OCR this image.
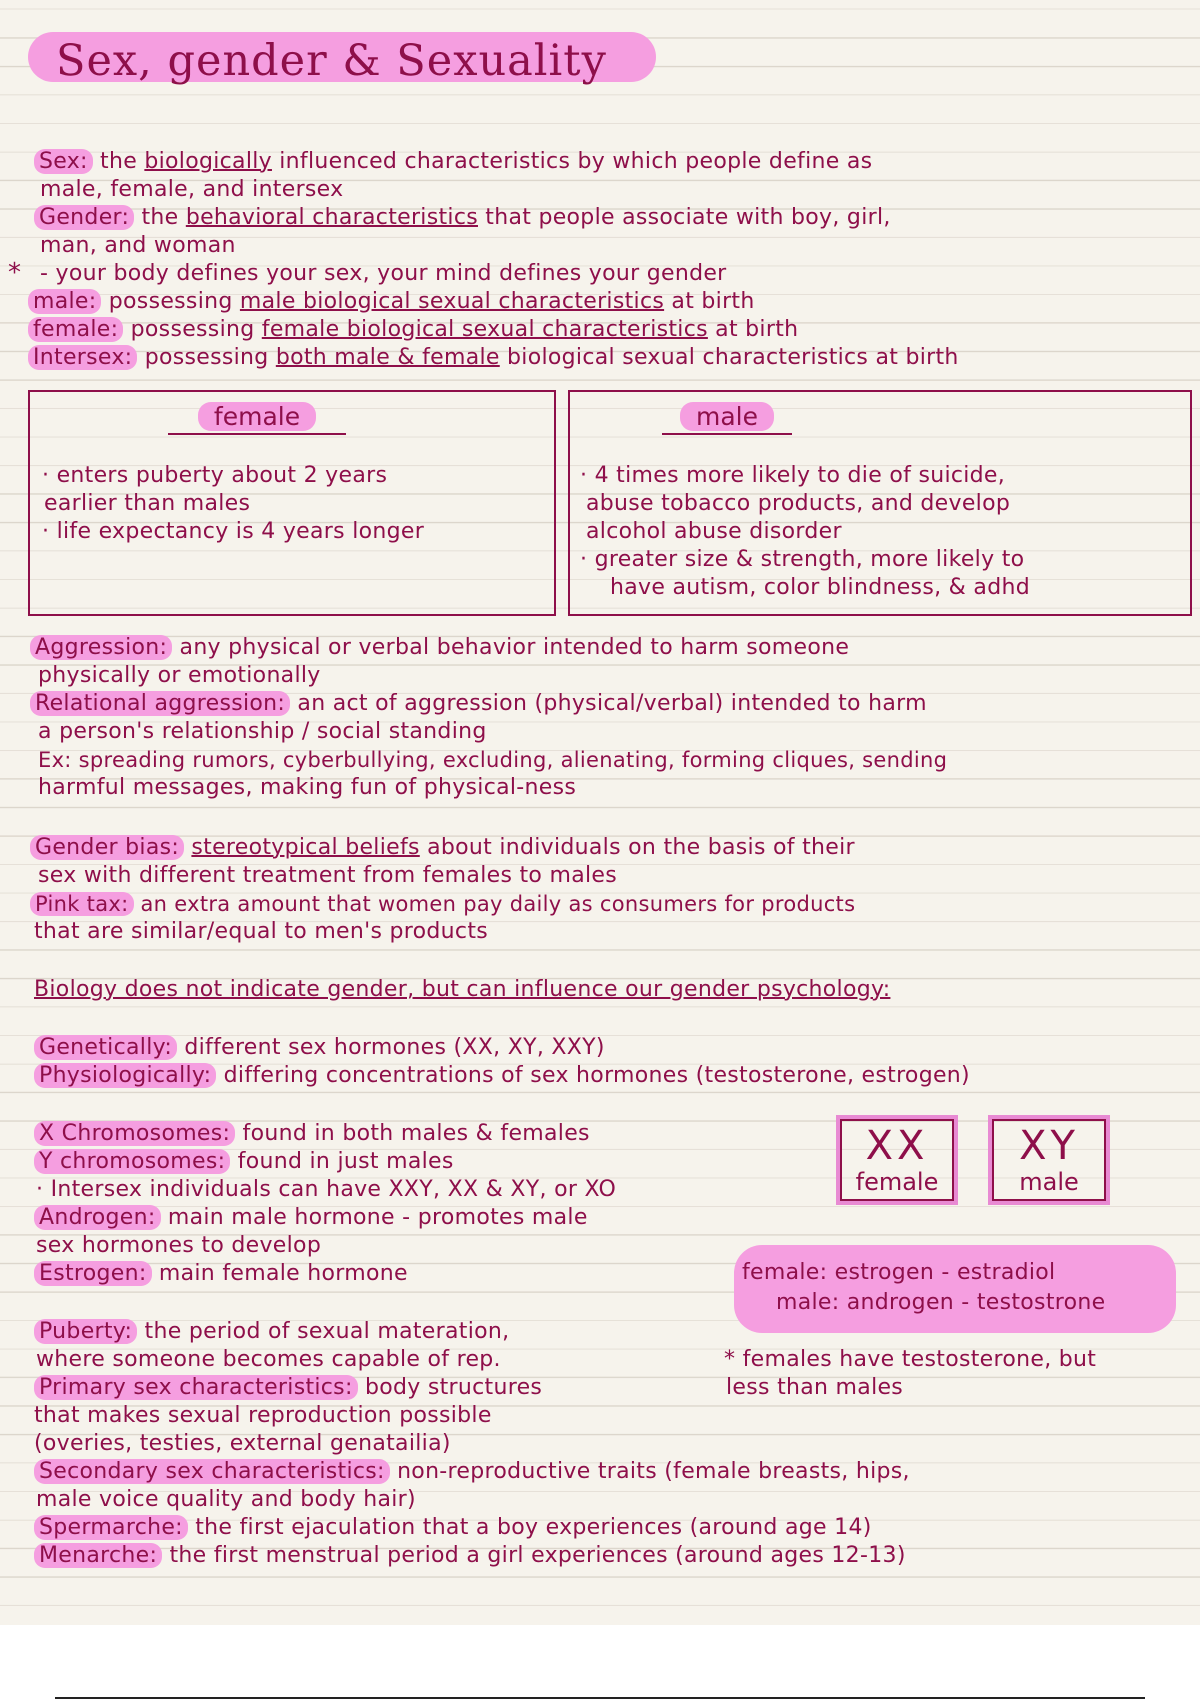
Sex, gender & Sexuality
Sex: the biologically influenced characteristics by which people define as
male, female, and intersex
Gender: the behavioral characteristics that people associate with boy, girl,
man, and woman
* - your body defines your sex, your mind defines your gender
male: possessing male biological sexual characteristics at birth
female: possessing female biological sexual characteristics at birth
Intersex: possessing both male & female biological sexual characteristics at birth
female
· enters puberty about 2 years
earlier than males
· life expectancy is 4 years longer
male
· 4 times more likely to die of suicide,
abuse tobacco products, and develop
alcohol abuse disorder
· greater size & strength, more likely to
have autism, color blindness, & adhd
Aggression: any physical or verbal behavior intended to harm someone
physically or emotionally
Relational aggression: an act of aggression (physical/verbal) intended to harm
a person's relationship / social standing
Ex: spreading rumors, cyberbullying, excluding, alienating, forming cliques, sending
harmful messages, making fun of physical-ness
Gender bias: stereotypical beliefs about individuals on the basis of their
sex with different treatment from females to males
Pink tax: an extra amount that women pay daily as consumers for products
that are similar/equal to men's products
Biology does not indicate gender, but can influence our gender psychology:
Genetically: different sex hormones (XX, XY, XXY)
Physiologically: differing concentrations of sex hormones (testosterone, estrogen)
X Chromosomes: found in both males & females
Y chromosomes: found in just males
· Intersex individuals can have XXY, XX & XY, or XO
Androgen: main male hormone - promotes male
sex hormones to develop
Estrogen: main female hormone
XX
female
XY
male
female: estrogen - estradiol
male: androgen - testostrone
* females have testosterone, but
less than males
Puberty: the period of sexual materation,
where someone becomes capable of rep.
Primary sex characteristics: body structures
that makes sexual reproduction possible
(overies, testies, external genatailia)
Secondary sex characteristics: non-reproductive traits (female breasts, hips,
male voice quality and body hair)
Spermarche: the first ejaculation that a boy experiences (around age 14)
Menarche: the first menstrual period a girl experiences (around ages 12-13)
